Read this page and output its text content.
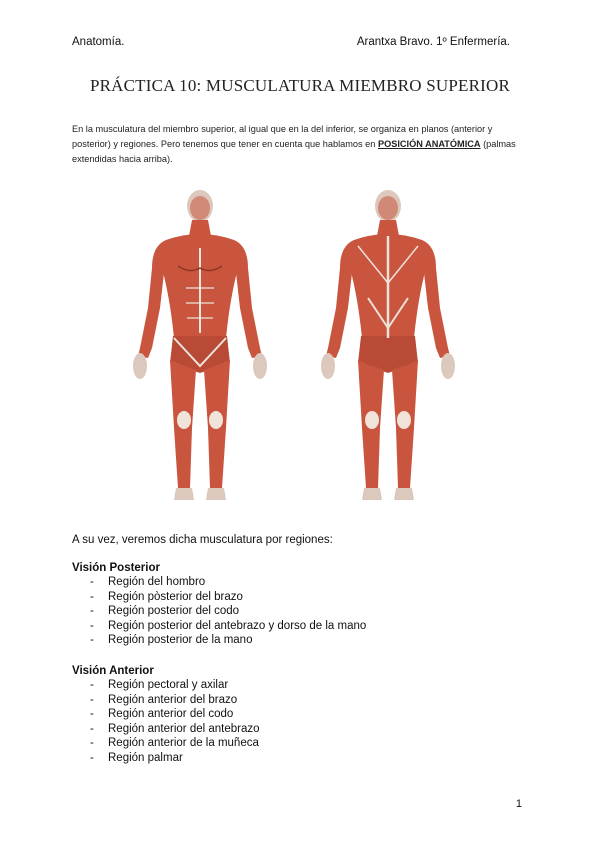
Anatomía.	Arantxa Bravo. 1º Enfermería.
PRÁCTICA 10: MUSCULATURA MIEMBRO SUPERIOR
En la musculatura del miembro superior, al igual que en la del inferior, se organiza en planos (anterior y posterior) y regiones. Pero tenemos que tener en cuenta que hablamos en POSICIÓN ANATÓMICA (palmas extendidas hacia arriba).
A su vez, veremos dicha musculatura por regiones:
Visión Posterior
- Región del hombro
- Región pòsterior del brazo
- Región posterior del codo
- Región posterior del antebrazo y dorso de la mano
- Región posterior de la mano
Visión Anterior
- Región pectoral y axilar
- Región anterior del brazo
- Región anterior del codo
- Región anterior del antebrazo
- Región anterior de la muñeca
- Región palmar
1
